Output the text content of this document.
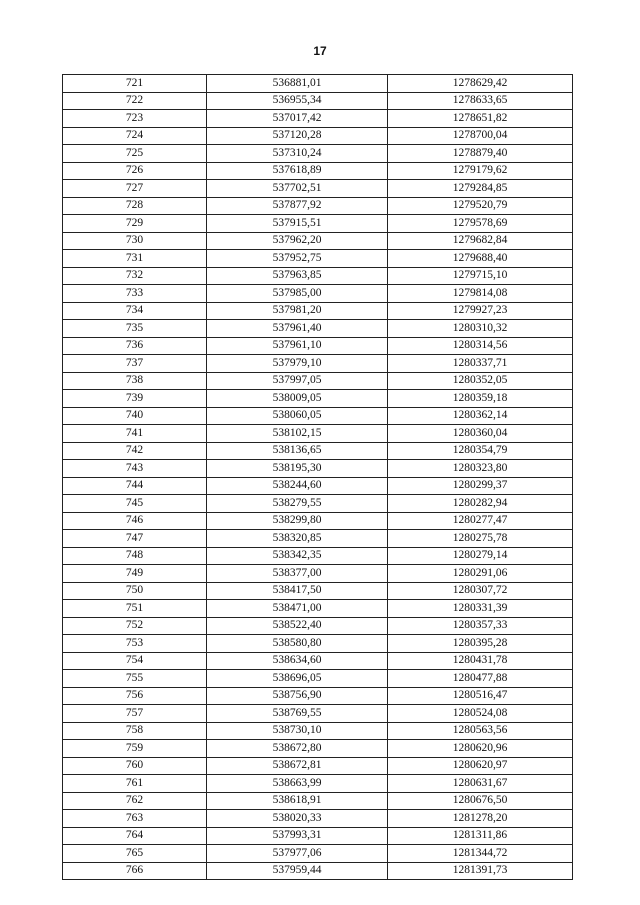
17
721	536881,01	1278629,42
722	536955,34	1278633,65
723	537017,42	1278651,82
724	537120,28	1278700,04
725	537310,24	1278879,40
726	537618,89	1279179,62
727	537702,51	1279284,85
728	537877,92	1279520,79
729	537915,51	1279578,69
730	537962,20	1279682,84
731	537952,75	1279688,40
732	537963,85	1279715,10
733	537985,00	1279814,08
734	537981,20	1279927,23
735	537961,40	1280310,32
736	537961,10	1280314,56
737	537979,10	1280337,71
738	537997,05	1280352,05
739	538009,05	1280359,18
740	538060,05	1280362,14
741	538102,15	1280360,04
742	538136,65	1280354,79
743	538195,30	1280323,80
744	538244,60	1280299,37
745	538279,55	1280282,94
746	538299,80	1280277,47
747	538320,85	1280275,78
748	538342,35	1280279,14
749	538377,00	1280291,06
750	538417,50	1280307,72
751	538471,00	1280331,39
752	538522,40	1280357,33
753	538580,80	1280395,28
754	538634,60	1280431,78
755	538696,05	1280477,88
756	538756,90	1280516,47
757	538769,55	1280524,08
758	538730,10	1280563,56
759	538672,80	1280620,96
760	538672,81	1280620,97
761	538663,99	1280631,67
762	538618,91	1280676,50
763	538020,33	1281278,20
764	537993,31	1281311,86
765	537977,06	1281344,72
766	537959,44	1281391,73
